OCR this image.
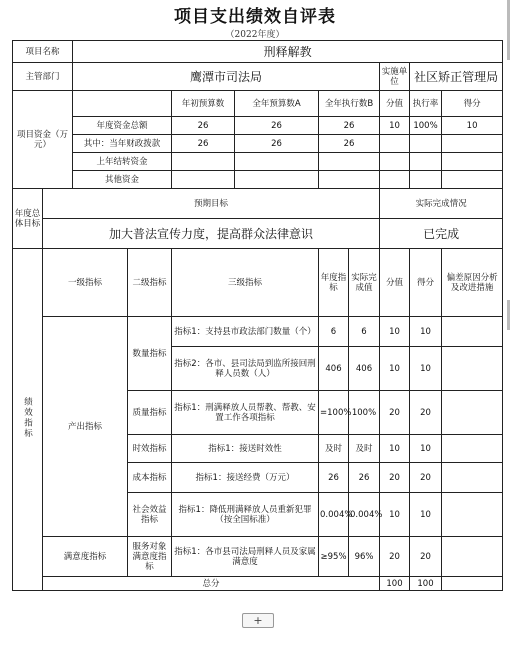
项目支出绩效自评表
（2022年度）
项目名称		刑释解教								
主管部门		鹰潭市司法局						实施单位	社区矫正管理局	
项目资金（万元）				年初预算数	全年预算数A	全年执行数B		分值	执行率	得分
		年度资金总额		26	26	26		10	100%	10
		其中：当年财政拨款		26	26	26				
		上年结转资金								
		其他资金								
年度总体目标	预期目标							实际完成情况		
	加大普法宣传力度，提高群众法律意识							已完成		
绩效指标	一级指标		二级指标	三级指标		年度指标	实际完成值	分值	得分	偏差原因分析及改进措施
	产出指标		数量指标	指标1：支持县市政法部门数量（个）		6	6	10	10	
				指标2：各市、县司法局到监所接回刑释人员数（人）		406	406	10	10	
			质量指标	指标1：刑满释放人员帮教、帮教、安置工作各项指标		=100%	100%	20	20	
			时效指标	指标1：接送时效性		及时	及时	10	10	
			成本指标	指标1：接送经费（万元）		26	26	20	20	
			社会效益指标	指标1：降低刑满释放人员重新犯罪（按全国标准）		0.004%	0.004%	10	10	
	满意度指标		服务对象满意度指标	指标1：各市县司法局刑释人员及家属满意度		≥95%	96%	20	20	
	总分							100	100	
+
